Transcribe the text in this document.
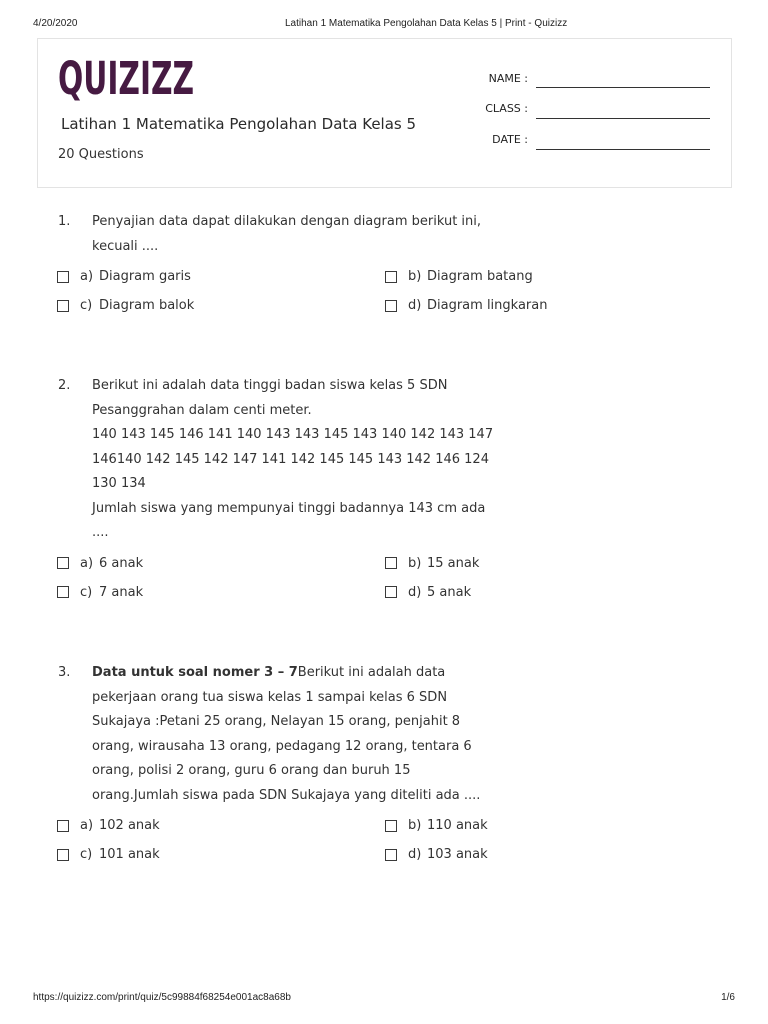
4/20/2020	Latihan 1 Matematika Pengolahan Data Kelas 5 | Print - Quizizz
QUIZIZZ
Latihan 1 Matematika Pengolahan Data Kelas 5
20 Questions
NAME :
CLASS :
DATE :
1.	Penyajian data dapat dilakukan dengan diagram berikut ini,
kecuali ....
a) Diagram garis	b) Diagram batang
c) Diagram balok	d) Diagram lingkaran
2.	Berikut ini adalah data tinggi badan siswa kelas 5 SDN
Pesanggrahan dalam centi meter.
140 143 145 146 141 140 143 143 145 143 140 142 143 147
146140 142 145 142 147 141 142 145 145 143 142 146 124
130 134
Jumlah siswa yang mempunyai tinggi badannya 143 cm ada
....
a) 6 anak	b) 15 anak
c) 7 anak	d) 5 anak
3.	Data untuk soal nomer 3 – 7Berikut ini adalah data
pekerjaan orang tua siswa kelas 1 sampai kelas 6 SDN
Sukajaya :Petani 25 orang, Nelayan 15 orang, penjahit 8
orang, wirausaha 13 orang, pedagang 12 orang, tentara 6
orang, polisi 2 orang, guru 6 orang dan buruh 15
orang.Jumlah siswa pada SDN Sukajaya yang diteliti ada ....
a) 102 anak	b) 110 anak
c) 101 anak	d) 103 anak
https://quizizz.com/print/quiz/5c99884f68254e001ac8a68b	1/6
